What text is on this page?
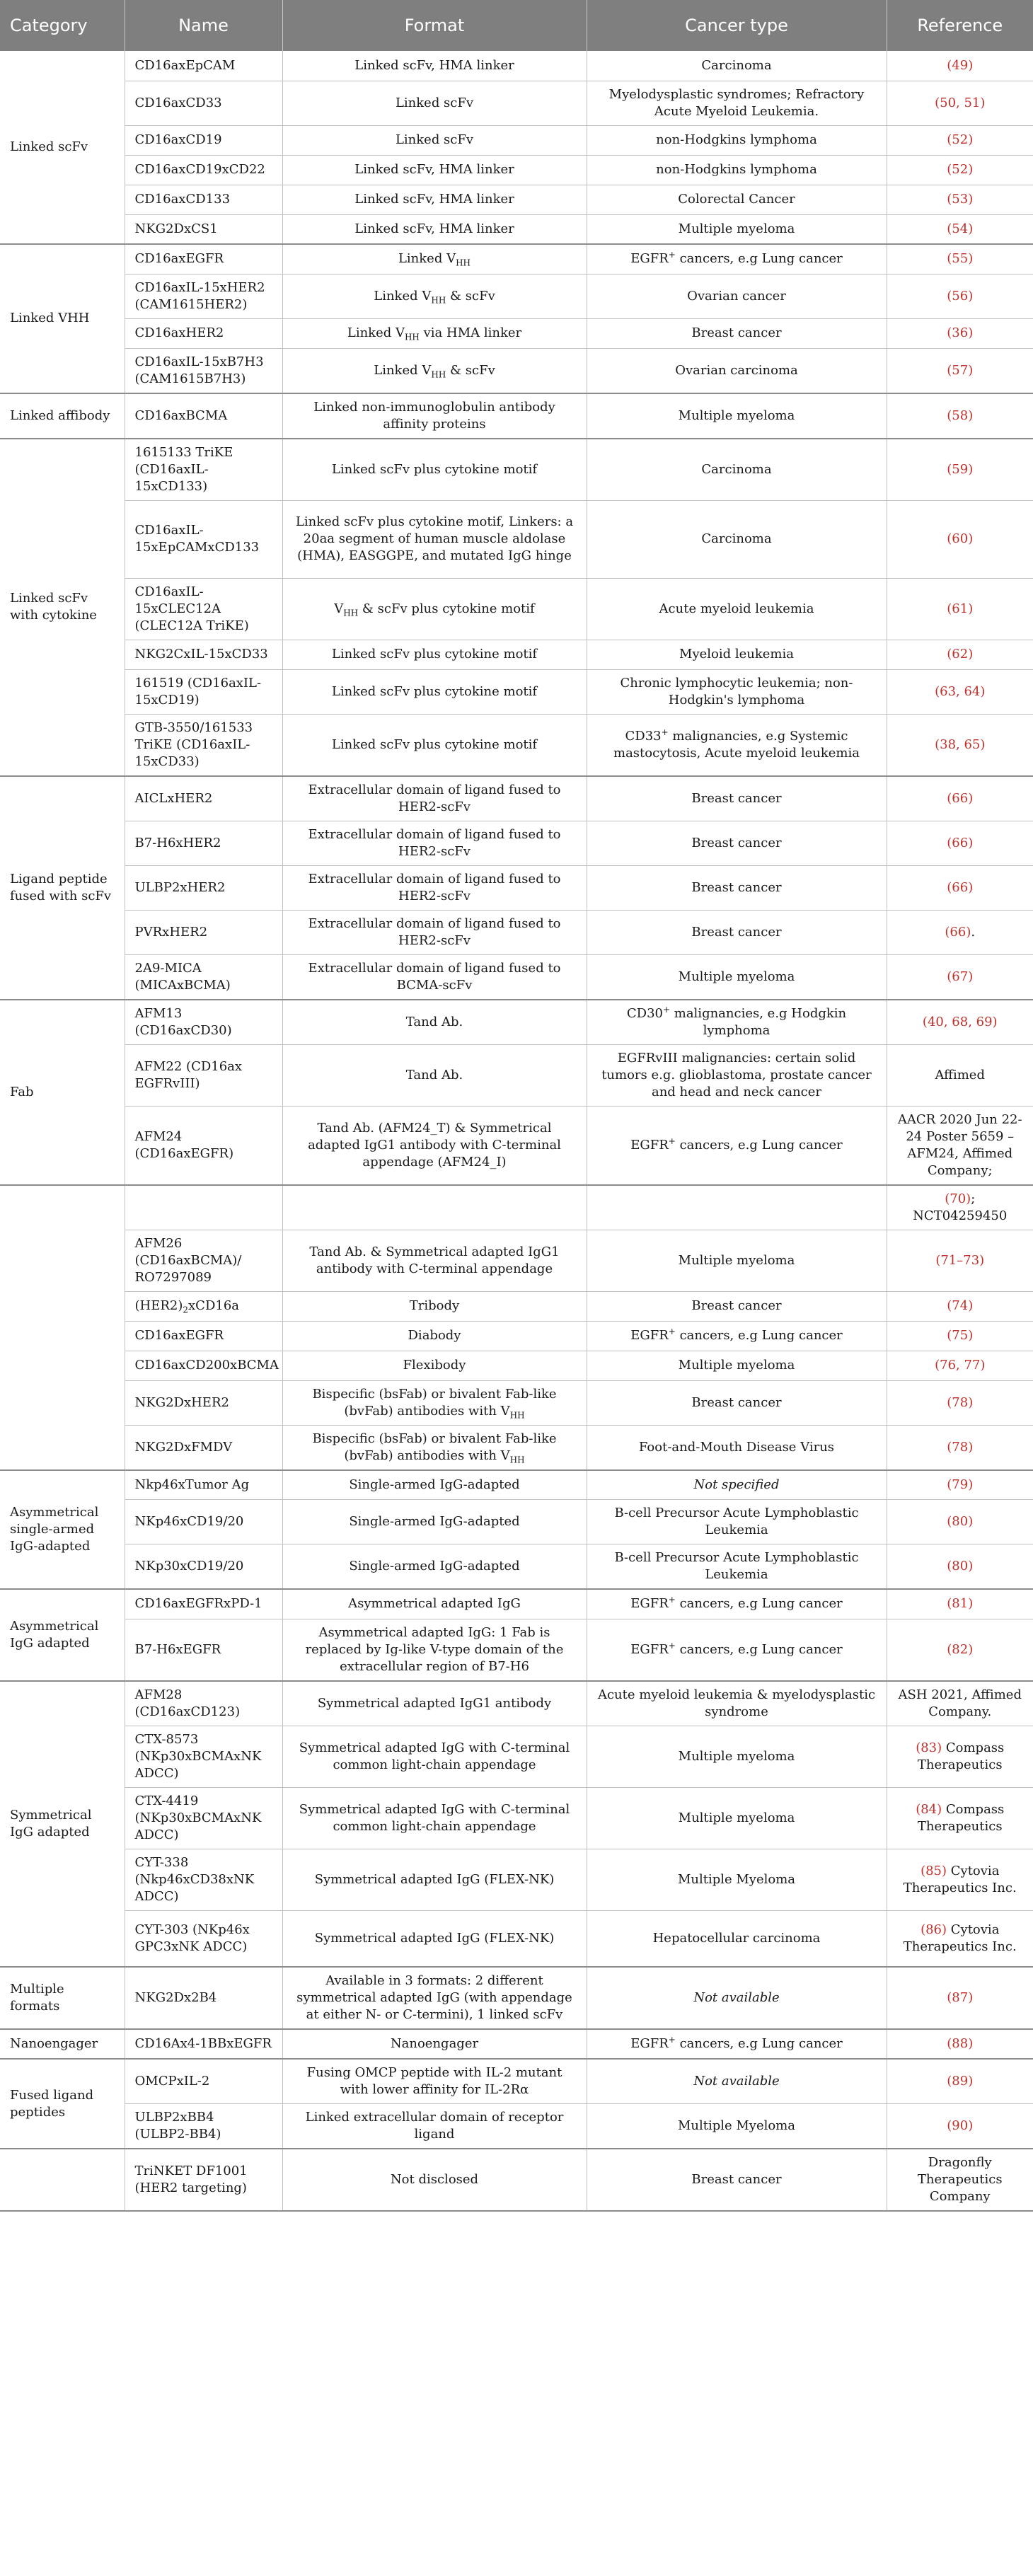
Category	Name	Format	Cancer type	Reference
Linked scFv	CD16axEpCAM	Linked scFv, HMA linker	Carcinoma	(49)
	CD16axCD33	Linked scFv	Myelodysplastic syndromes; Refractory Acute Myeloid Leukemia.	(50, 51)
	CD16axCD19	Linked scFv	non-Hodgkins lymphoma	(52)
	CD16axCD19xCD22	Linked scFv, HMA linker	non-Hodgkins lymphoma	(52)
	CD16axCD133	Linked scFv, HMA linker	Colorectal Cancer	(53)
	NKG2DxCS1	Linked scFv, HMA linker	Multiple myeloma	(54)
Linked VHH	CD16axEGFR	Linked $V_{HH}$	EGFR+ cancers, e.g Lung cancer	(55)
	CD16axIL-15xHER2 (CAM1615HER2)	Linked $V_{HH}$ & scFv	Ovarian cancer	(56)
	CD16axHER2	Linked $V_{HH}$ via HMA linker	Breast cancer	(36)
	CD16axIL-15xB7H3 (CAM1615B7H3)	Linked $V_{HH}$ & scFv	Ovarian carcinoma	(57)
Linked affibody	CD16axBCMA	Linked non-immunoglobulin antibody affinity proteins	Multiple myeloma	(58)
Linked scFv with cytokine	1615133 TriKE (CD16axIL-15xCD133)	Linked scFv plus cytokine motif	Carcinoma	(59)
	CD16axIL-15xEpCAMxCD133	Linked scFv plus cytokine motif, Linkers: a 20aa segment of human muscle aldolase (HMA), EASGGPE, and mutated IgG hinge	Carcinoma	(60)
	CD16axIL-15xCLEC12A (CLEC12A TriKE)	$V_{HH}$ & scFv plus cytokine motif	Acute myeloid leukemia	(61)
	NKG2CxIL-15xCD33	Linked scFv plus cytokine motif	Myeloid leukemia	(62)
	161519 (CD16axIL-15xCD19)	Linked scFv plus cytokine motif	Chronic lymphocytic leukemia; non-Hodgkin's lymphoma	(63, 64)
	GTB-3550/161533 TriKE (CD16axIL-15xCD33)	Linked scFv plus cytokine motif	CD33+ malignancies, e.g Systemic mastocytosis, Acute myeloid leukemia	(38, 65)
Ligand peptide fused with scFv	AICLxHER2	Extracellular domain of ligand fused to HER2-scFv	Breast cancer	(66)
	B7-H6xHER2	Extracellular domain of ligand fused to HER2-scFv	Breast cancer	(66)
	ULBP2xHER2	Extracellular domain of ligand fused to HER2-scFv	Breast cancer	(66)
	PVRxHER2	Extracellular domain of ligand fused to HER2-scFv	Breast cancer	(66).
	2A9-MICA (MICAxBCMA)	Extracellular domain of ligand fused to BCMA-scFv	Multiple myeloma	(67)
Fab	AFM13 (CD16axCD30)	Tand Ab.	CD30+ malignancies, e.g Hodgkin lymphoma	(40, 68, 69)
	AFM22 (CD16ax EGFRvIII)	Tand Ab.	EGFRvIII malignancies: certain solid tumors e.g. glioblastoma, prostate cancer and head and neck cancer	Affimed
	AFM24 (CD16axEGFR)	Tand Ab. (AFM24_T) & Symmetrical adapted IgG1 antibody with C-terminal appendage (AFM24_I)	EGFR+ cancers, e.g Lung cancer	AACR 2020 Jun 22-24 Poster 5659 – AFM24, Affimed Company;
				(70); NCT04259450
	AFM26 (CD16axBCMA)/ RO7297089	Tand Ab. & Symmetrical adapted IgG1 antibody with C-terminal appendage	Multiple myeloma	(71–73)
	$(HER2)_2xCD16a$	Tribody	Breast cancer	(74)
	CD16axEGFR	Diabody	EGFR+ cancers, e.g Lung cancer	(75)
	CD16axCD200xBCMA	Flexibody	Multiple myeloma	(76, 77)
	NKG2DxHER2	Bispecific (bsFab) or bivalent Fab-like (bvFab) antibodies with $V_{HH}$	Breast cancer	(78)
	NKG2DxFMDV	Bispecific (bsFab) or bivalent Fab-like (bvFab) antibodies with $V_{HH}$	Foot-and-Mouth Disease Virus	(78)
Asymmetrical single-armed IgG-adapted	Nkp46xTumor Ag	Single-armed IgG-adapted	Not specified	(79)
	NKp46xCD19/20	Single-armed IgG-adapted	B-cell Precursor Acute Lymphoblastic Leukemia	(80)
	NKp30xCD19/20	Single-armed IgG-adapted	B-cell Precursor Acute Lymphoblastic Leukemia	(80)
Asymmetrical IgG adapted	CD16axEGFRxPD-1	Asymmetrical adapted IgG	EGFR+ cancers, e.g Lung cancer	(81)
	B7-H6xEGFR	Asymmetrical adapted IgG: 1 Fab is replaced by Ig-like V-type domain of the extracellular region of B7-H6	EGFR+ cancers, e.g Lung cancer	(82)
Symmetrical IgG adapted	AFM28 (CD16axCD123)	Symmetrical adapted IgG1 antibody	Acute myeloid leukemia & myelodysplastic syndrome	ASH 2021, Affimed Company.
	CTX-8573 (NKp30xBCMAxNK ADCC)	Symmetrical adapted IgG with C-terminal common light-chain appendage	Multiple myeloma	(83) Compass Therapeutics
	CTX-4419 (NKp30xBCMAxNK ADCC)	Symmetrical adapted IgG with C-terminal common light-chain appendage	Multiple myeloma	(84) Compass Therapeutics
	CYT-338 (Nkp46xCD38xNK ADCC)	Symmetrical adapted IgG (FLEX-NK)	Multiple Myeloma	(85) Cytovia Therapeutics Inc.
	CYT-303 (NKp46x GPC3xNK ADCC)	Symmetrical adapted IgG (FLEX-NK)	Hepatocellular carcinoma	(86) Cytovia Therapeutics Inc.
Multiple formats	NKG2Dx2B4	Available in 3 formats: 2 different symmetrical adapted IgG (with appendage at either N- or C-termini), 1 linked scFv	Not available	(87)
Nanoengager	CD16Ax4-1BBxEGFR	Nanoengager	EGFR+ cancers, e.g Lung cancer	(88)
Fused ligand peptides	OMCPxIL-2	Fusing OMCP peptide with IL-2 mutant with lower affinity for IL-2Rα	Not available	(89)
	ULBP2xBB4 (ULBP2-BB4)	Linked extracellular domain of receptor ligand	Multiple Myeloma	(90)
	TriNKET DF1001 (HER2 targeting)	Not disclosed	Breast cancer	Dragonfly Therapeutics Company
